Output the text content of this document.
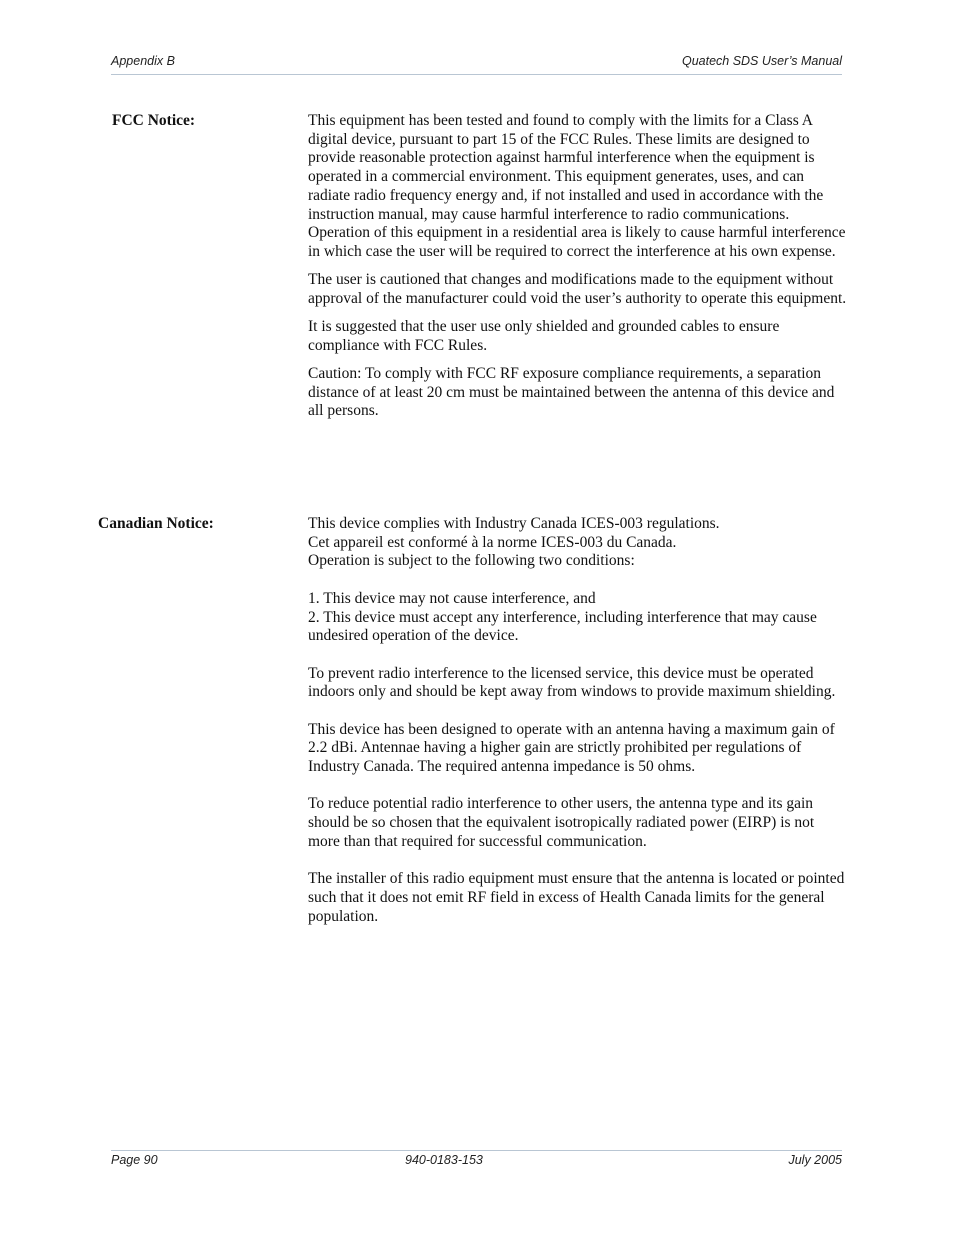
Appendix B	Quatech SDS User’s Manual
FCC Notice:	This equipment has been tested and found to comply with the limits for a Class A digital device, pursuant to part 15 of the FCC Rules. These limits are designed to provide reasonable protection against harmful interference when the equipment is operated in a commercial environment. This equipment generates, uses, and can radiate radio frequency energy and, if not installed and used in accordance with the instruction manual, may cause harmful interference to radio communications. Operation of this equipment in a residential area is likely to cause harmful interference in which case the user will be required to correct the interference at his own expense.

The user is cautioned that changes and modifications made to the equipment without approval of the manufacturer could void the user’s authority to operate this equipment.

It is suggested that the user use only shielded and grounded cables to ensure compliance with FCC Rules.

Caution: To comply with FCC RF exposure compliance requirements, a separation distance of at least 20 cm must be maintained between the antenna of this device and all persons.

Canadian Notice:	This device complies with Industry Canada ICES-003 regulations.
Cet appareil est conformé à la norme ICES-003 du Canada.
Operation is subject to the following two conditions:
1. This device may not cause interference, and
2. This device must accept any interference, including interference that may cause undesired operation of the device.
To prevent radio interference to the licensed service, this device must be operated indoors only and should be kept away from windows to provide maximum shielding.
This device has been designed to operate with an antenna having a maximum gain of 2.2 dBi. Antennae having a higher gain are strictly prohibited per regulations of Industry Canada. The required antenna impedance is 50 ohms.
To reduce potential radio interference to other users, the antenna type and its gain should be so chosen that the equivalent isotropically radiated power (EIRP) is not more than that required for successful communication.
The installer of this radio equipment must ensure that the antenna is located or pointed such that it does not emit RF field in excess of Health Canada limits for the general population.
Page 90	940-0183-153	July 2005
